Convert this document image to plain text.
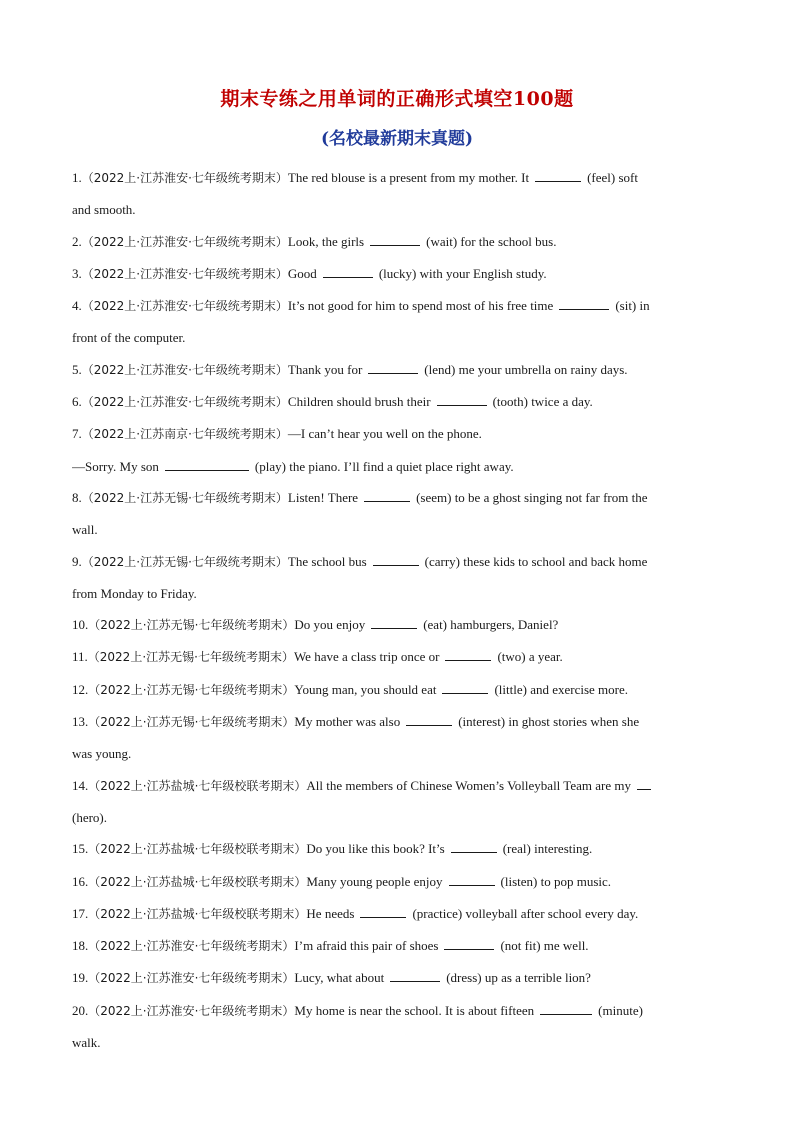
期末专练之用单词的正确形式填空100题
(名校最新期末真题)
1.（2022上·江苏淮安·七年级统考期末）The red blouse is a present from my mother. It	(feel) soft
and smooth.
2.（2022上·江苏淮安·七年级统考期末）Look, the girls	(wait) for the school bus.
3.（2022上·江苏淮安·七年级统考期末）Good	(lucky) with your English study.
4.（2022上·江苏淮安·七年级统考期末）It’s not good for him to spend most of his free time	(sit) in
front of the computer.
5.（2022上·江苏淮安·七年级统考期末）Thank you for	(lend) me your umbrella on rainy days.
6.（2022上·江苏淮安·七年级统考期末）Children should brush their	(tooth) twice a day.
7.（2022上·江苏南京·七年级统考期末）—I can’t hear you well on the phone.
—Sorry. My son	(play) the piano. I’ll find a quiet place right away.
8.（2022上·江苏无锡·七年级统考期末）Listen! There	(seem) to be a ghost singing not far from the
wall.
9.（2022上·江苏无锡·七年级统考期末）The school bus	(carry) these kids to school and back home
from Monday to Friday.
10.（2022上·江苏无锡·七年级统考期末）Do you enjoy	(eat) hamburgers, Daniel?
11.（2022上·江苏无锡·七年级统考期末）We have a class trip once or	(two) a year.
12.（2022上·江苏无锡·七年级统考期末）Young man, you should eat	(little) and exercise more.
13.（2022上·江苏无锡·七年级统考期末）My mother was also	(interest) in ghost stories when she
was young.
14.（2022上·江苏盐城·七年级校联考期末）All the members of Chinese Women’s Volleyball Team are my
(hero).
15.（2022上·江苏盐城·七年级校联考期末）Do you like this book? It’s	(real) interesting.
16.（2022上·江苏盐城·七年级校联考期末）Many young people enjoy	(listen) to pop music.
17.（2022上·江苏盐城·七年级校联考期末）He needs	(practice) volleyball after school every day.
18.（2022上·江苏淮安·七年级统考期末）I’m afraid this pair of shoes	(not fit) me well.
19.（2022上·江苏淮安·七年级统考期末）Lucy, what about	(dress) up as a terrible lion?
20.（2022上·江苏淮安·七年级统考期末）My home is near the school. It is about fifteen	(minute)
walk.
